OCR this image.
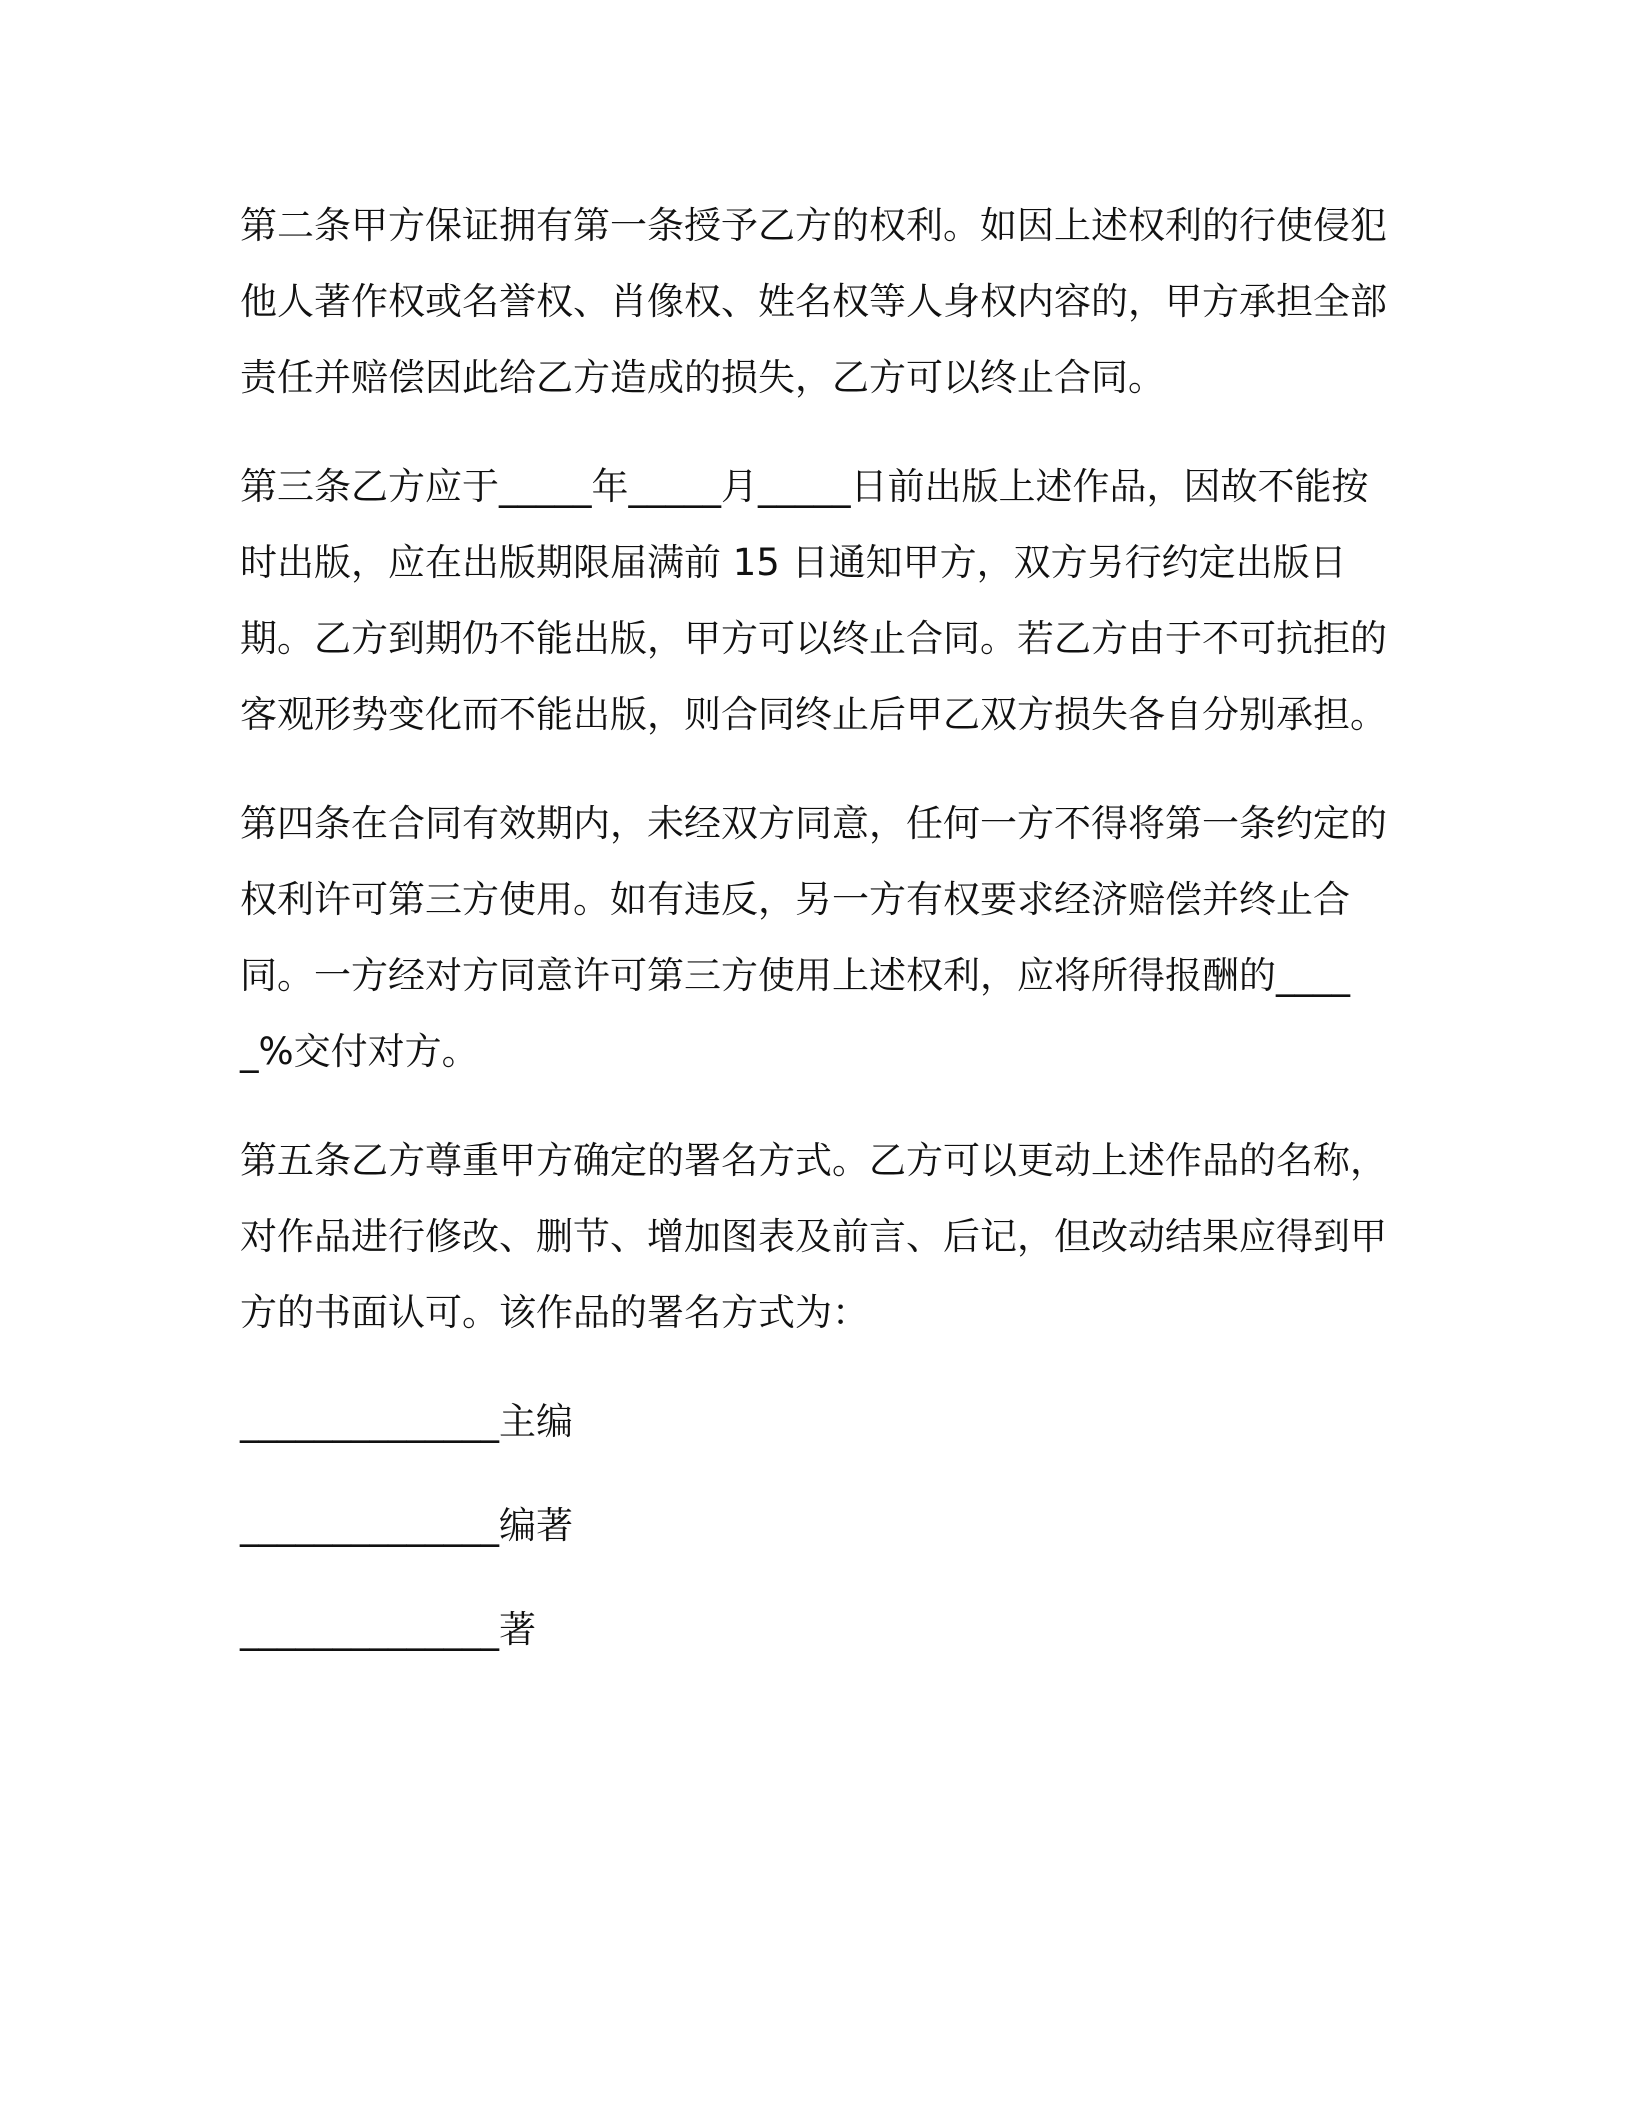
第二条甲方保证拥有第一条授予乙方的权利。如因上述权利的行使侵犯他人著作权或名誉权、肖像权、姓名权等人身权内容的，甲方承担全部责任并赔偿因此给乙方造成的损失，乙方可以终止合同。

第三条乙方应于_____年_____月_____日前出版上述作品，因故不能按时出版，应在出版期限届满前 15 日通知甲方，双方另行约定出版日期。乙方到期仍不能出版，甲方可以终止合同。若乙方由于不可抗拒的客观形势变化而不能出版，则合同终止后甲乙双方损失各自分别承担。

第四条在合同有效期内，未经双方同意，任何一方不得将第一条约定的权利许可第三方使用。如有违反，另一方有权要求经济赔偿并终止合同。一方经对方同意许可第三方使用上述权利，应将所得报酬的_____%交付对方。

第五条乙方尊重甲方确定的署名方式。乙方可以更动上述作品的名称，对作品进行修改、删节、增加图表及前言、后记，但改动结果应得到甲方的书面认可。该作品的署名方式为：

______________主编

______________编著

______________著
